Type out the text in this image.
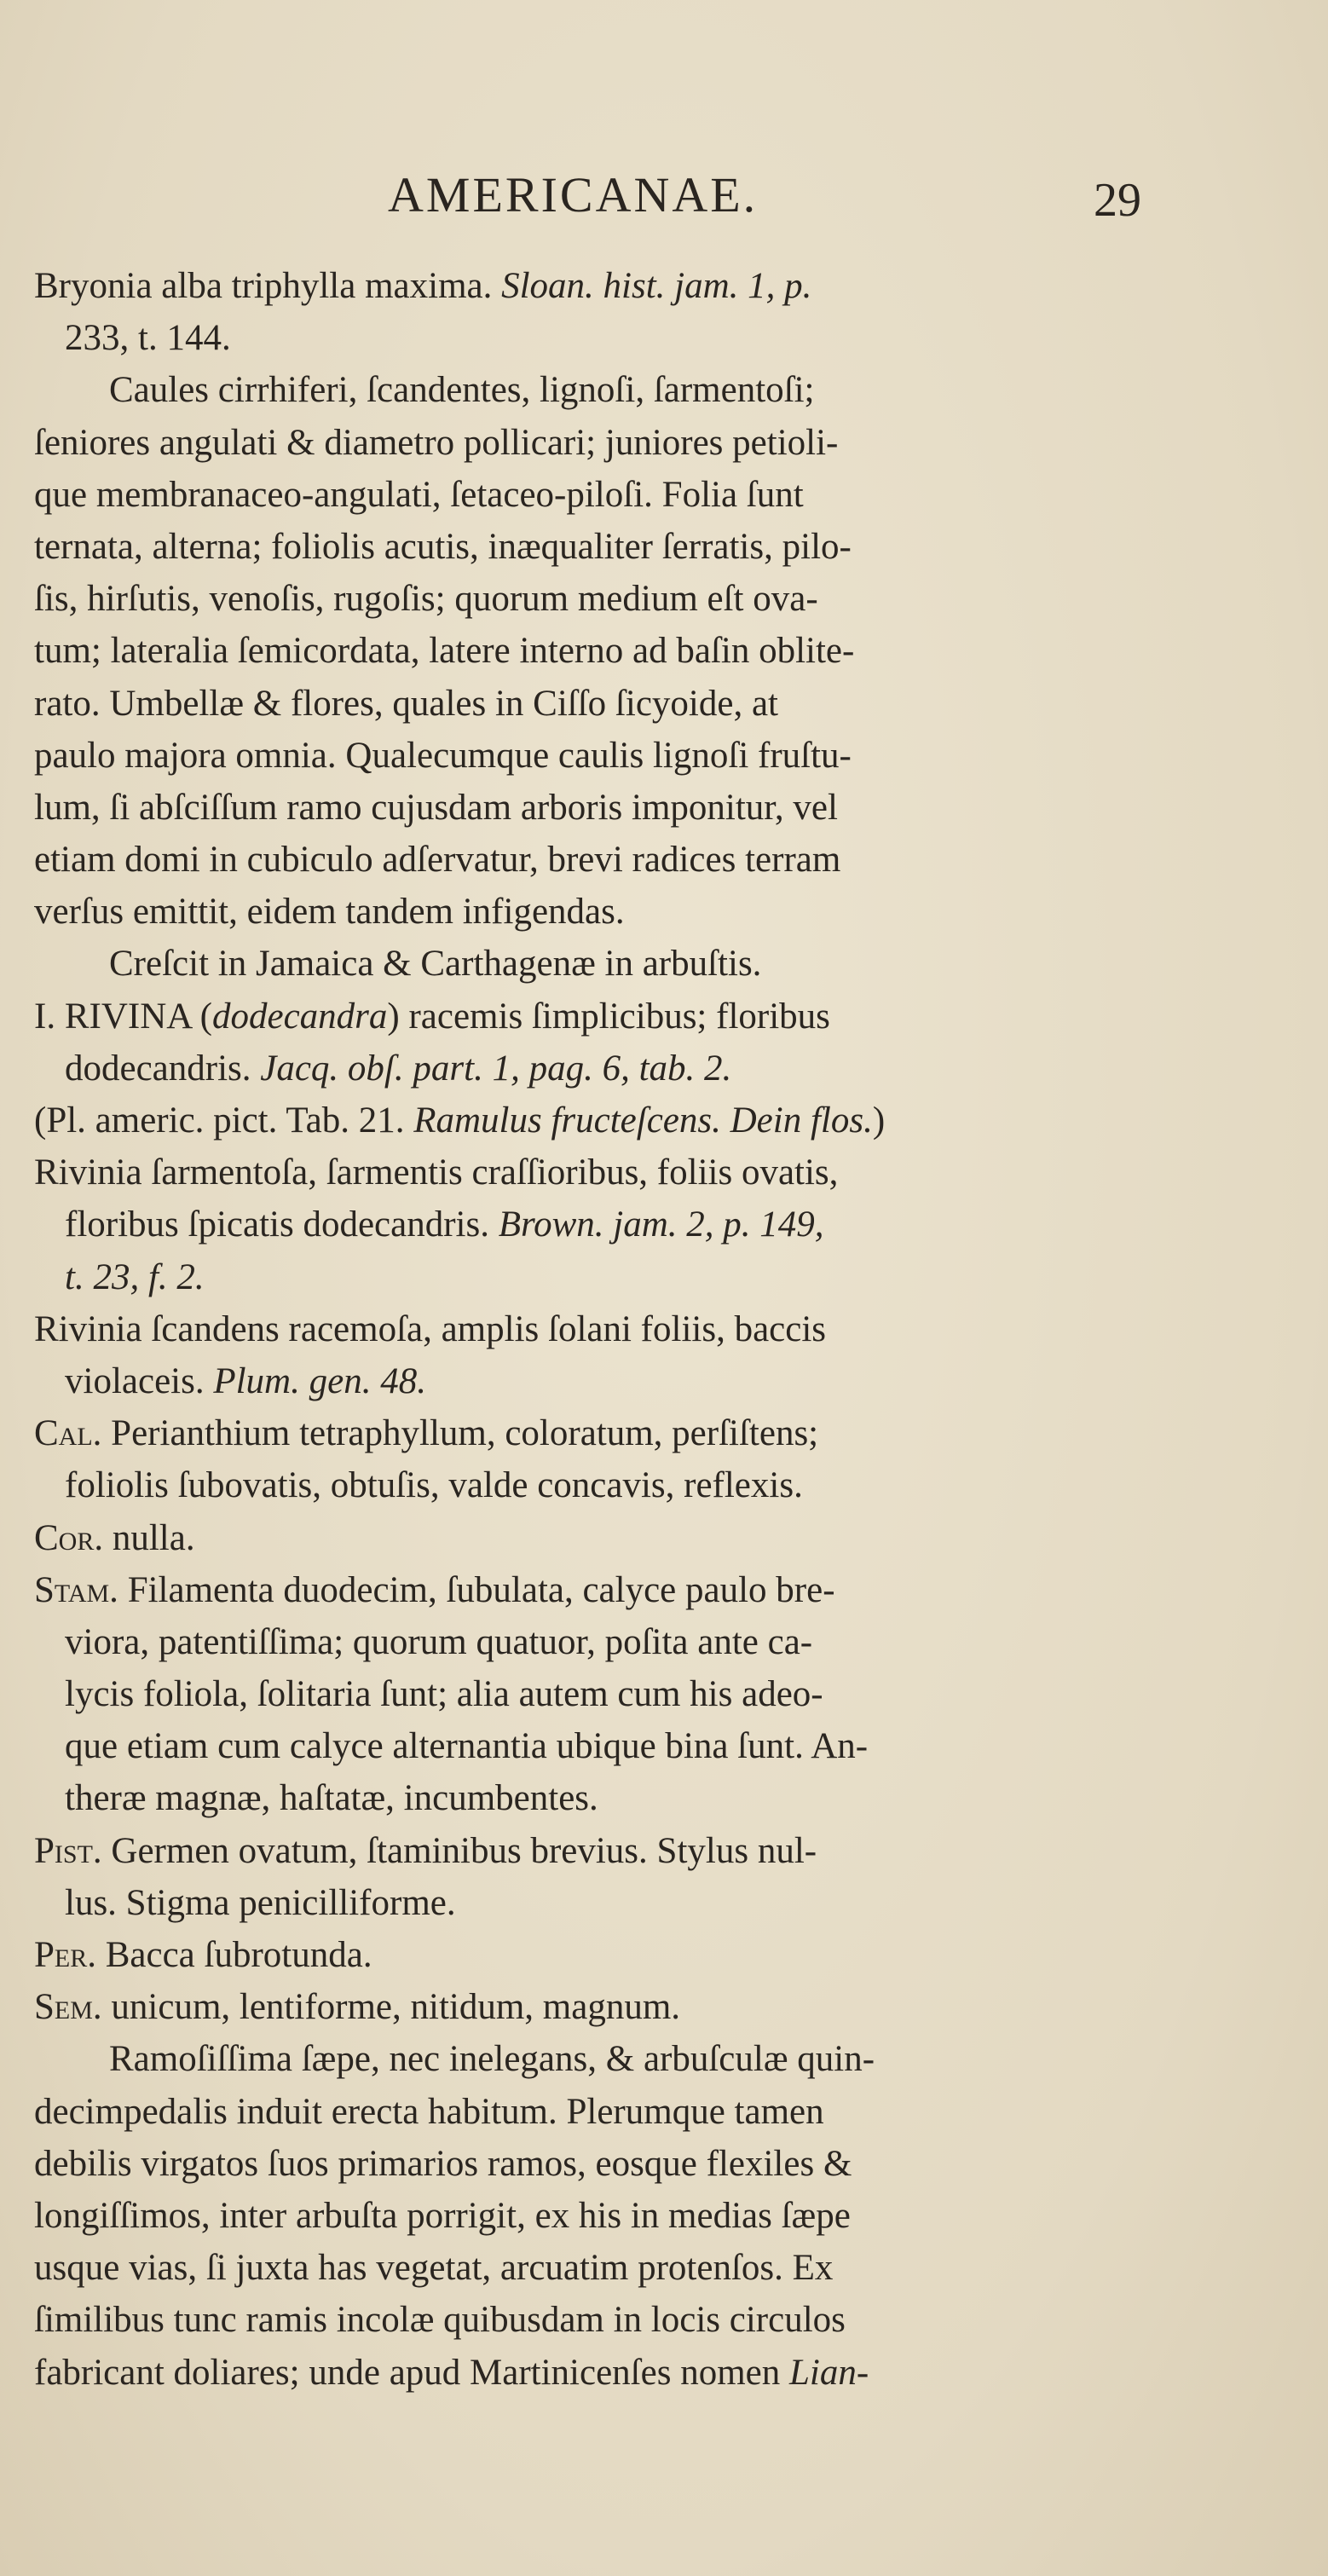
AMERICANAE.	29
Bryonia alba triphylla maxima. Sloan. hist. jam. 1, p.
233, t. 144.
Caules cirrhiferi, ſcandentes, lignoſi, ſarmentoſi;
ſeniores angulati & diametro pollicari; juniores petioli-
que membranaceo-angulati, ſetaceo-piloſi. Folia ſunt
ternata, alterna; foliolis acutis, inæqualiter ſerratis, pilo-
ſis, hirſutis, venoſis, rugoſis; quorum medium eſt ova-
tum; lateralia ſemicordata, latere interno ad baſin oblite-
rato. Umbellæ & flores, quales in Ciſſo ſicyoide, at
paulo majora omnia. Qualecumque caulis lignoſi fruſtu-
lum, ſi abſciſſum ramo cujusdam arboris imponitur, vel
etiam domi in cubiculo adſervatur, brevi radices terram
verſus emittit, eidem tandem infigendas.
Creſcit in Jamaica & Carthagenæ in arbuſtis.
I. RIVINA (dodecandra) racemis ſimplicibus; floribus
dodecandris. Jacq. obſ. part. 1, pag. 6, tab. 2.
(Pl. americ. pict. Tab. 21. Ramulus fructeſcens. Dein flos.)
Rivinia ſarmentoſa, ſarmentis craſſioribus, foliis ovatis,
floribus ſpicatis dodecandris. Brown. jam. 2, p. 149,
t. 23, f. 2.
Rivinia ſcandens racemoſa, amplis ſolani foliis, baccis
violaceis. Plum. gen. 48.
Cal. Perianthium tetraphyllum, coloratum, perſiſtens;
foliolis ſubovatis, obtuſis, valde concavis, reflexis.
Cor. nulla.
Stam. Filamenta duodecim, ſubulata, calyce paulo bre-
viora, patentiſſima; quorum quatuor, poſita ante ca-
lycis foliola, ſolitaria ſunt; alia autem cum his adeo-
que etiam cum calyce alternantia ubique bina ſunt. An-
theræ magnæ, haſtatæ, incumbentes.
Pist. Germen ovatum, ſtaminibus brevius. Stylus nul-
lus. Stigma penicilliforme.
Per. Bacca ſubrotunda.
Sem. unicum, lentiforme, nitidum, magnum.
Ramoſiſſima ſæpe, nec inelegans, & arbuſculæ quin-
decimpedalis induit erecta habitum. Plerumque tamen
debilis virgatos ſuos primarios ramos, eosque flexiles &
longiſſimos, inter arbuſta porrigit, ex his in medias ſæpe
usque vias, ſi juxta has vegetat, arcuatim protenſos. Ex
ſimilibus tunc ramis incolæ quibusdam in locis circulos
fabricant doliares; unde apud Martinicenſes nomen Lian-
